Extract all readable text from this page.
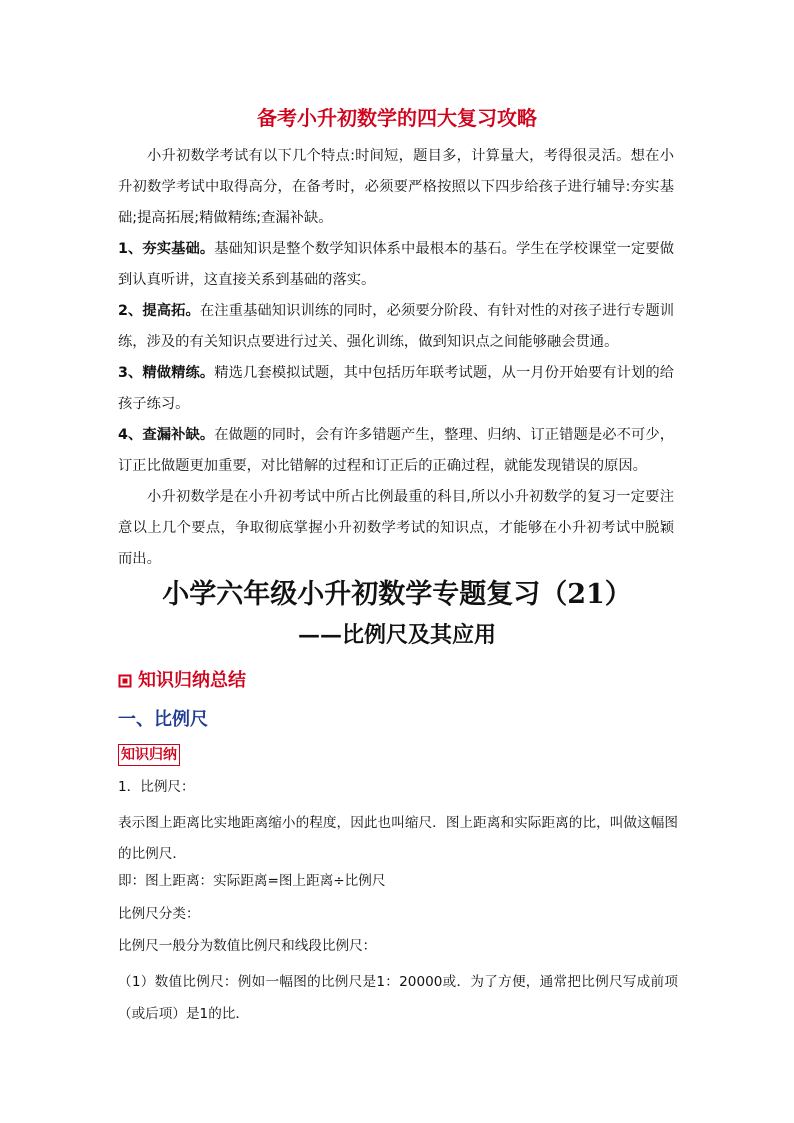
备考小升初数学的四大复习攻略

小升初数学考试有以下几个特点:时间短，题目多，计算量大，考得很灵活。想在小升初数学考试中取得高分，在备考时，必须要严格按照以下四步给孩子进行辅导:夯实基础;提高拓展;精做精练;查漏补缺。

1、夯实基础。基础知识是整个数学知识体系中最根本的基石。学生在学校课堂一定要做到认真听讲，这直接关系到基础的落实。

2、提高拓。在注重基础知识训练的同时，必须要分阶段、有针对性的对孩子进行专题训练，涉及的有关知识点要进行过关、强化训练，做到知识点之间能够融会贯通。

3、精做精练。精选几套模拟试题，其中包括历年联考试题，从一月份开始要有计划的给孩子练习。

4、查漏补缺。在做题的同时，会有许多错题产生，整理、归纳、订正错题是必不可少，订正比做题更加重要，对比错解的过程和订正后的正确过程，就能发现错误的原因。

小升初数学是在小升初考试中所占比例最重的科目,所以小升初数学的复习一定要注意以上几个要点，争取彻底掌握小升初数学考试的知识点，才能够在小升初考试中脱颖而出。

小学六年级小升初数学专题复习（21）
——比例尺及其应用
知识归纳总结
一、比例尺
知识归纳

1．比例尺：

表示图上距离比实地距离缩小的程度，因此也叫缩尺．图上距离和实际距离的比，叫做这幅图的比例尺．

即：图上距离：实际距离=图上距离÷比例尺

比例尺分类：

比例尺一般分为数值比例尺和线段比例尺：

（1）数值比例尺：例如一幅图的比例尺是1：20000或．为了方便，通常把比例尺写成前项（或后项）是1的比．
